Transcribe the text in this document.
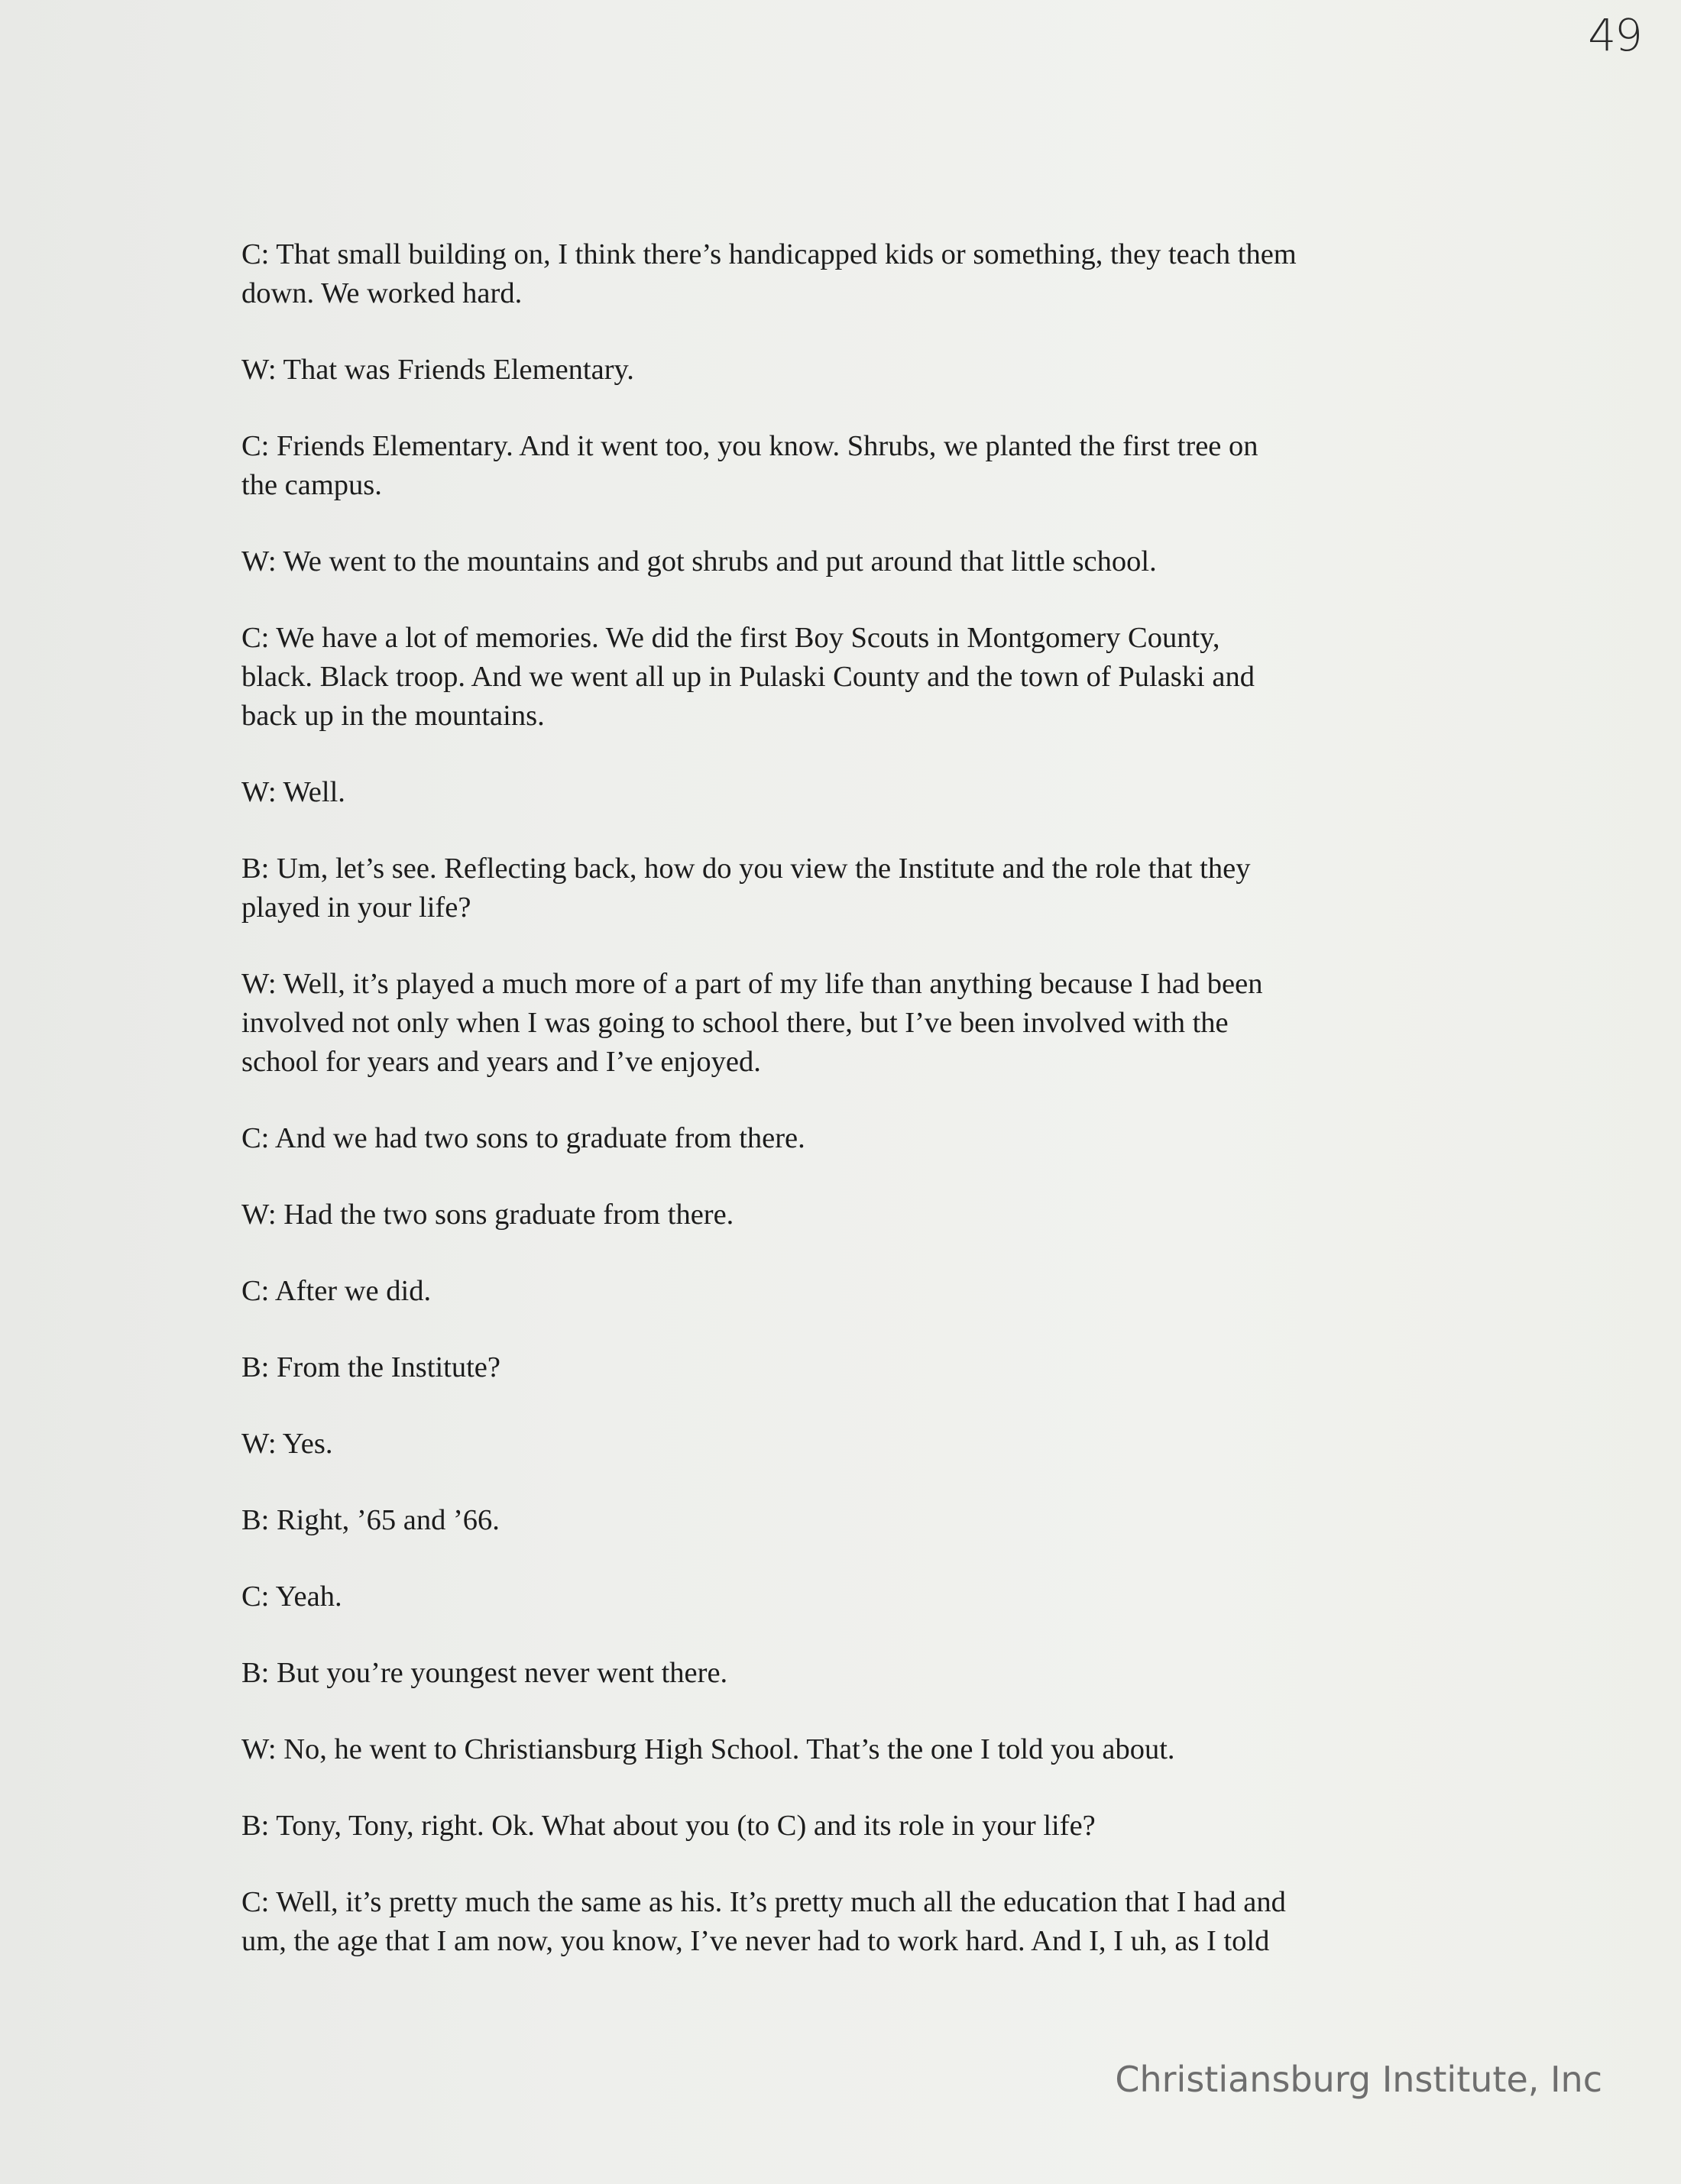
49

C: That small building on, I think there’s handicapped kids or something, they teach them
down. We worked hard.

W: That was Friends Elementary.

C: Friends Elementary. And it went too, you know. Shrubs, we planted the first tree on
the campus.

W: We went to the mountains and got shrubs and put around that little school.

C: We have a lot of memories. We did the first Boy Scouts in Montgomery County,
black. Black troop. And we went all up in Pulaski County and the town of Pulaski and
back up in the mountains.

W: Well.

B: Um, let’s see. Reflecting back, how do you view the Institute and the role that they
played in your life?

W: Well, it’s played a much more of a part of my life than anything because I had been
involved not only when I was going to school there, but I’ve been involved with the
school for years and years and I’ve enjoyed.

C: And we had two sons to graduate from there.

W: Had the two sons graduate from there.

C: After we did.

B: From the Institute?

W: Yes.

B: Right, ’65 and ’66.

C: Yeah.

B: But you’re youngest never went there.

W: No, he went to Christiansburg High School. That’s the one I told you about.

B: Tony, Tony, right. Ok. What about you (to C) and its role in your life?

C: Well, it’s pretty much the same as his. It’s pretty much all the education that I had and
um, the age that I am now, you know, I’ve never had to work hard. And I, I uh, as I told

Christiansburg Institute, Inc
